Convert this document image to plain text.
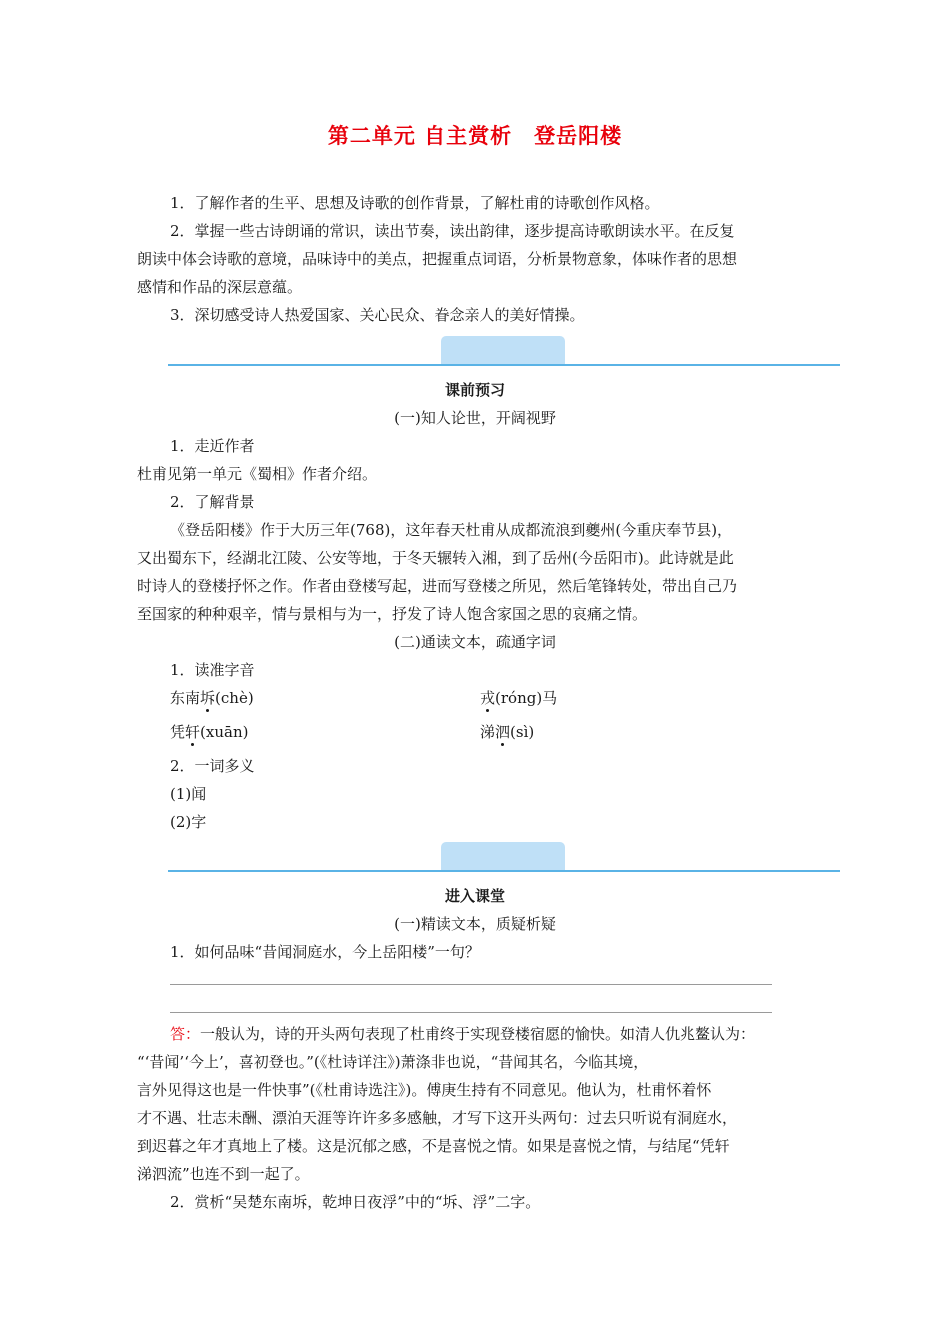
第二单元 自主赏析　登岳阳楼
1．了解作者的生平、思想及诗歌的创作背景，了解杜甫的诗歌创作风格。
2．掌握一些古诗朗诵的常识，读出节奏，读出韵律，逐步提高诗歌朗读水平。在反复
朗读中体会诗歌的意境，品味诗中的美点，把握重点词语，分析景物意象，体味作者的思想
感情和作品的深层意蕴。
3．深切感受诗人热爱国家、关心民众、眷念亲人的美好情操。
课前预习
(一)知人论世，开阔视野
1．走近作者
杜甫见第一单元《蜀相》作者介绍。
2．了解背景
《登岳阳楼》作于大历三年(768)，这年春天杜甫从成都流浪到夔州(今重庆奉节县)，
又出蜀东下，经湖北江陵、公安等地，于冬天辗转入湘，到了岳州(今岳阳市)。此诗就是此
时诗人的登楼抒怀之作。作者由登楼写起，进而写登楼之所见，然后笔锋转处，带出自己乃
至国家的种种艰辛，情与景相与为一，抒发了诗人饱含家国之思的哀痛之情。
(二)通读文本，疏通字词
1．读准字音
东南坼(chè)	戎(róng)马
凭轩(xuān)	涕泗(sì)
2．一词多义
(1)闻
(2)字
进入课堂
(一)精读文本，质疑析疑
1．如何品味“昔闻洞庭水，今上岳阳楼”一句？
答：一般认为，诗的开头两句表现了杜甫终于实现登楼宿愿的愉快。如清人仇兆鳌认为：
“‘昔闻’‘今上’，喜初登也。”(《杜诗详注》)萧涤非也说，“昔闻其名，今临其境，
言外见得这也是一件快事”(《杜甫诗选注》)。傅庚生持有不同意见。他认为，杜甫怀着怀
才不遇、壮志未酬、漂泊天涯等许许多多感触，才写下这开头两句：过去只听说有洞庭水，
到迟暮之年才真地上了楼。这是沉郁之感，不是喜悦之情。如果是喜悦之情，与结尾“凭轩
涕泗流”也连不到一起了。
2．赏析“吴楚东南坼，乾坤日夜浮”中的“坼、浮”二字。
